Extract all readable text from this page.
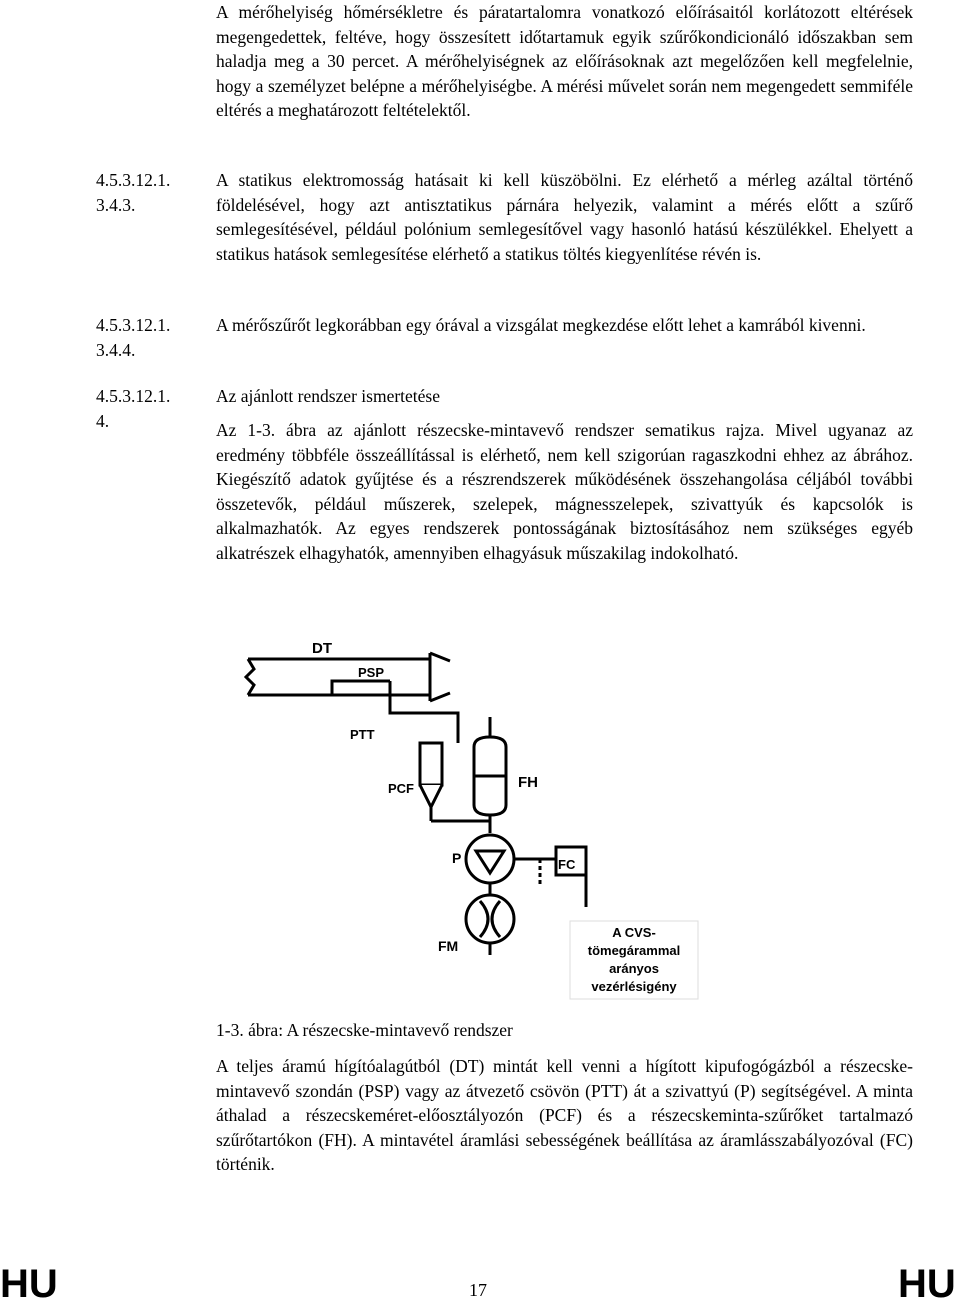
A mérőhelyiség hőmérsékletre és páratartalomra vonatkozó előírásaitól korlátozott eltérések megengedettek, feltéve, hogy összesített időtartamuk egyik szűrőkondicionáló időszakban sem haladja meg a 30 percet. A mérőhelyiségnek az előírásoknak azt megelőzően kell megfelelnie, hogy a személyzet belépne a mérőhelyiségbe. A mérési művelet során nem megengedett semmiféle eltérés a meghatározott feltételektől.

4.5.3.12.1.
3.4.3.

A statikus elektromosság hatásait ki kell küszöbölni. Ez elérhető a mérleg azáltal történő földelésével, hogy azt antisztatikus párnára helyezik, valamint a mérés előtt a szűrő semlegesítésével, például polónium semlegesítővel vagy hasonló hatású készülékkel. Ehelyett a statikus hatások semlegesítése elérhető a statikus töltés kiegyenlítése révén is.

4.5.3.12.1.
3.4.4.

A mérőszűrőt legkorábban egy órával a vizsgálat megkezdése előtt lehet a kamrából kivenni.

4.5.3.12.1.
4.

Az ajánlott rendszer ismertetése

Az 1-3. ábra az ajánlott részecske-mintavevő rendszer sematikus rajza. Mivel ugyanaz az eredmény többféle összeállítással is elérhető, nem kell szigorúan ragaszkodni ehhez az ábrához. Kiegészítő adatok gyűjtése és a részrendszerek működésének összehangolása céljából további összetevők, például műszerek, szelepek, mágnesszelepek, szivattyúk és kapcsolók is alkalmazhatók. Az egyes rendszerek pontosságának biztosításához nem szükséges egyéb alkatrészek elhagyhatók, amennyiben elhagyásuk műszakilag indokolható.

DT
PSP
PTT
PCF	FH
P	FC
FM
A CVS-
tömegárammal
arányos
vezérlésigény

1-3. ábra: A részecske-mintavevő rendszer

A teljes áramú hígítóalagútból (DT) mintát kell venni a hígított kipufogógázból a részecske-mintavevő szondán (PSP) vagy az átvezető csövön (PTT) át a szivattyú (P) segítségével. A minta áthalad a részecskeméret-előosztályozón (PCF) és a részecskeminta-szűrőket tartalmazó szűrőtartókon (FH). A mintavétel áramlási sebességének beállítása az áramlásszabályozóval (FC) történik.

HU	17	HU
